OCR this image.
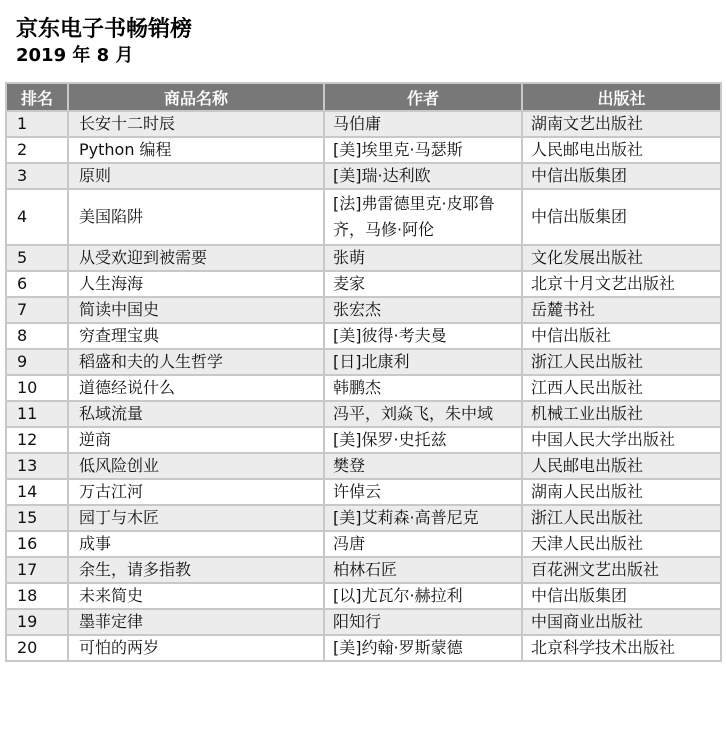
京东电子书畅销榜
2019 年 8 月
排名	商品名称	作者	出版社
1	长安十二时辰	马伯庸	湖南文艺出版社
2	Python 编程	[美]埃里克·马瑟斯	人民邮电出版社
3	原则	[美]瑞·达利欧	中信出版集团
4	美国陷阱	[法]弗雷德里克·皮耶鲁齐，马修·阿伦	中信出版集团
5	从受欢迎到被需要	张萌	文化发展出版社
6	人生海海	麦家	北京十月文艺出版社
7	简读中国史	张宏杰	岳麓书社
8	穷查理宝典	[美]彼得·考夫曼	中信出版社
9	稻盛和夫的人生哲学	[日]北康利	浙江人民出版社
10	道德经说什么	韩鹏杰	江西人民出版社
11	私域流量	冯平，刘焱飞，朱中域	机械工业出版社
12	逆商	[美]保罗·史托兹	中国人民大学出版社
13	低风险创业	樊登	人民邮电出版社
14	万古江河	许倬云	湖南人民出版社
15	园丁与木匠	[美]艾莉森·高普尼克	浙江人民出版社
16	成事	冯唐	天津人民出版社
17	余生，请多指教	柏林石匠	百花洲文艺出版社
18	未来简史	[以]尤瓦尔·赫拉利	中信出版集团
19	墨菲定律	阳知行	中国商业出版社
20	可怕的两岁	[美]约翰·罗斯蒙德	北京科学技术出版社
